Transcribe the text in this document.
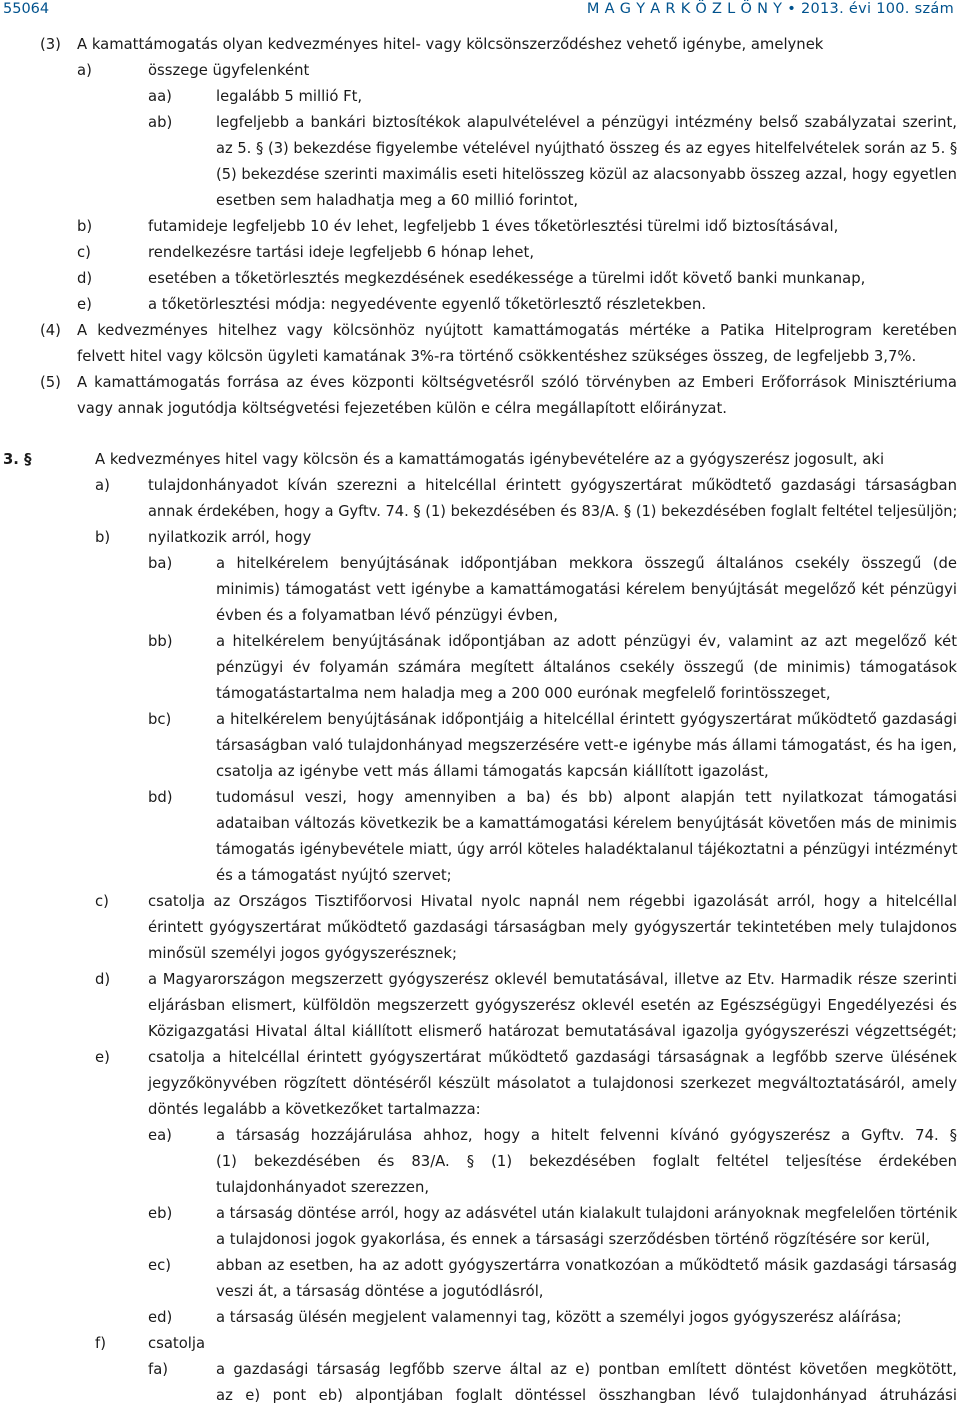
55064	M A G Y A R K Ö Z L Ö N Y • 2013. évi 100. szám
(3) A kamattámogatás olyan kedvezményes hitel- vagy kölcsönszerződéshez vehető igénybe, amelynek
a)	összege ügyfelenként
aa)	legalább 5 millió Ft,
ab)	legfeljebb a bankári biztosítékok alapulvételével a pénzügyi intézmény belső szabályzatai szerint,
az 5. § (3) bekezdése figyelembe vételével nyújtható összeg és az egyes hitelfelvételek során az 5. §
(5) bekezdése szerinti maximális eseti hitelösszeg közül az alacsonyabb összeg azzal, hogy egyetlen
esetben sem haladhatja meg a 60 millió forintot,
b)	futamideje legfeljebb 10 év lehet, legfeljebb 1 éves tőketörlesztési türelmi idő biztosításával,
c)	rendelkezésre tartási ideje legfeljebb 6 hónap lehet,
d)	esetében a tőketörlesztés megkezdésének esedékessége a türelmi időt követő banki munkanap,
e)	a tőketörlesztési módja: negyedévente egyenlő tőketörlesztő részletekben.
(4) A kedvezményes hitelhez vagy kölcsönhöz nyújtott kamattámogatás mértéke a Patika Hitelprogram keretében
felvett hitel vagy kölcsön ügyleti kamatának 3%-ra történő csökkentéshez szükséges összeg, de legfeljebb 3,7%.
(5) A kamattámogatás forrása az éves központi költségvetésről szóló törvényben az Emberi Erőforrások Minisztériuma
vagy annak jogutódja költségvetési fejezetében külön e célra megállapított előirányzat.
3. §	A kedvezményes hitel vagy kölcsön és a kamattámogatás igénybevételére az a gyógyszerész jogosult, aki
a)	tulajdonhányadot kíván szerezni a hitelcéllal érintett gyógyszertárat működtető gazdasági társaságban
annak érdekében, hogy a Gyftv. 74. § (1) bekezdésében és 83/A. § (1) bekezdésében foglalt feltétel teljesüljön;
b)	nyilatkozik arról, hogy
ba)	a hitelkérelem benyújtásának időpontjában mekkora összegű általános csekély összegű (de
minimis) támogatást vett igénybe a kamattámogatási kérelem benyújtását megelőző két pénzügyi
évben és a folyamatban lévő pénzügyi évben,
bb)	a hitelkérelem benyújtásának időpontjában az adott pénzügyi év, valamint az azt megelőző két
pénzügyi év folyamán számára megített általános csekély összegű (de minimis) támogatások
támogatástartalma nem haladja meg a 200 000 eurónak megfelelő forintösszeget,
bc)	a hitelkérelem benyújtásának időpontjáig a hitelcéllal érintett gyógyszertárat működtető gazdasági
társaságban való tulajdonhányad megszerzésére vett-e igénybe más állami támogatást, és ha igen,
csatolja az igénybe vett más állami támogatás kapcsán kiállított igazolást,
bd)	tudomásul veszi, hogy amennyiben a ba) és bb) alpont alapján tett nyilatkozat támogatási
adataiban változás következik be a kamattámogatási kérelem benyújtását követően más de minimis
támogatás igénybevétele miatt, úgy arról köteles haladéktalanul tájékoztatni a pénzügyi intézményt
és a támogatást nyújtó szervet;
c)	csatolja az Országos Tisztifőorvosi Hivatal nyolc napnál nem régebbi igazolását arról, hogy a hitelcéllal
érintett gyógyszertárat működtető gazdasági társaságban mely gyógyszertár tekintetében mely tulajdonos
minősül személyi jogos gyógyszerésznek;
d)	a Magyarországon megszerzett gyógyszerész oklevél bemutatásával, illetve az Etv. Harmadik része szerinti
eljárásban elismert, külföldön megszerzett gyógyszerész oklevél esetén az Egészségügyi Engedélyezési és
Közigazgatási Hivatal által kiállított elismerő határozat bemutatásával igazolja gyógyszerészi végzettségét;
e)	csatolja a hitelcéllal érintett gyógyszertárat működtető gazdasági társaságnak a legfőbb szerve ülésének
jegyzőkönyvében rögzített döntéséről készült másolatot a tulajdonosi szerkezet megváltoztatásáról, amely
döntés legalább a következőket tartalmazza:
ea)	a társaság hozzájárulása ahhoz, hogy a hitelt felvenni kívánó gyógyszerész a Gyftv. 74. §
(1) bekezdésében és 83/A. § (1) bekezdésében foglalt feltétel teljesítése érdekében
tulajdonhányadot szerezzen,
eb)	a társaság döntése arról, hogy az adásvétel után kialakult tulajdoni arányoknak megfelelően történik
a tulajdonosi jogok gyakorlása, és ennek a társasági szerződésben történő rögzítésére sor kerül,
ec)	abban az esetben, ha az adott gyógyszertárra vonatkozóan a működtető másik gazdasági társaság
veszi át, a társaság döntése a jogutódlásról,
ed)	a társaság ülésén megjelent valamennyi tag, között a személyi jogos gyógyszerész aláírása;
f)	csatolja
fa)	a gazdasági társaság legfőbb szerve által az e) pontban említett döntést követően megkötött,
az e) pont eb) alpontjában foglalt döntéssel összhangban lévő tulajdonhányad átruházási
